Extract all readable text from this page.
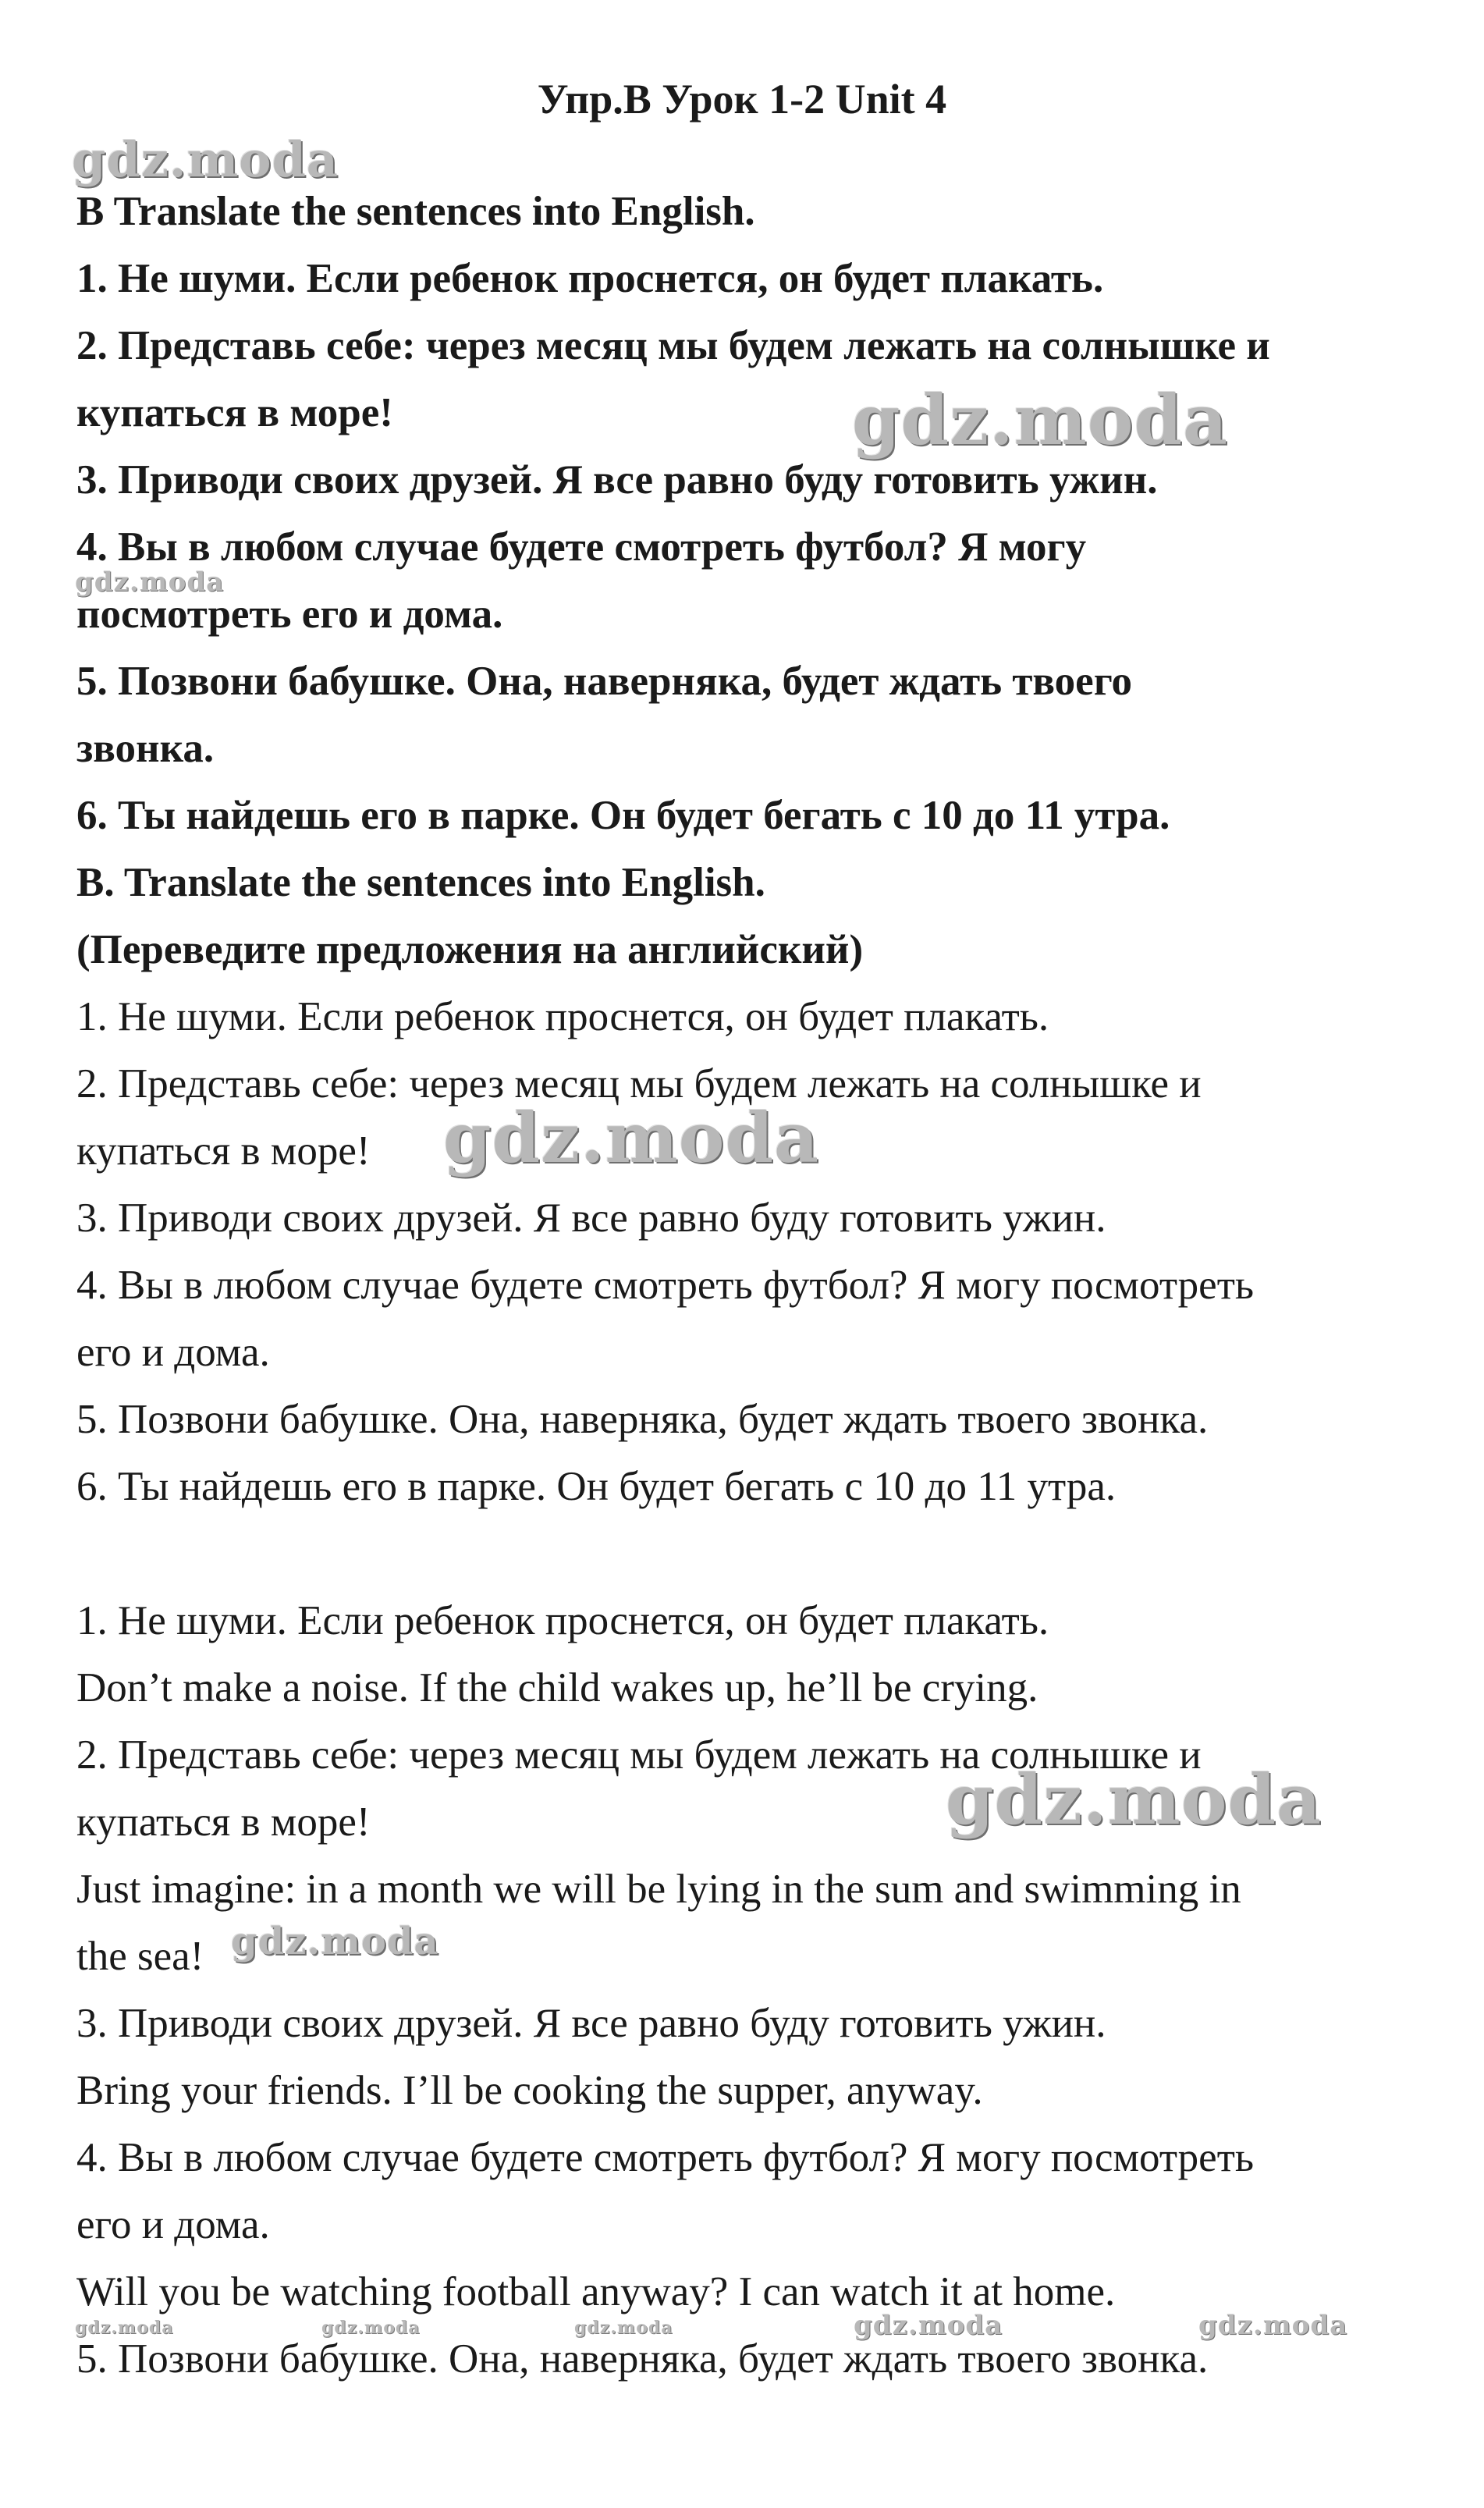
Упр.B Урок 1-2 Unit 4

B Translate the sentences into English.

1. Не шуми. Если ребенок проснется, он будет плакать.

2. Представь себе: через месяц мы будем лежать на солнышке и

купаться в море!

3. Приводи своих друзей. Я все равно буду готовить ужин.

4. Вы в любом случае будете смотреть футбол? Я могу

посмотреть его и дома.

5. Позвони бабушке. Она, наверняка, будет ждать твоего

звонка.

6. Ты найдешь его в парке. Он будет бегать с 10 до 11 утра.

B. Translate the sentences into English.

(Переведите предложения на английский)

1. Не шуми. Если ребенок проснется, он будет плакать.

2. Представь себе: через месяц мы будем лежать на солнышке и

купаться в море!

3. Приводи своих друзей. Я все равно буду готовить ужин.

4. Вы в любом случае будете смотреть футбол? Я могу посмотреть

его и дома.

5. Позвони бабушке. Она, наверняка, будет ждать твоего звонка.

6. Ты найдешь его в парке. Он будет бегать с 10 до 11 утра.

1. Не шуми. Если ребенок проснется, он будет плакать.

Don’t make a noise. If the child wakes up, he’ll be crying.

2. Представь себе: через месяц мы будем лежать на солнышке и

купаться в море!

Just imagine: in a month we will be lying in the sum and swimming in

the sea!

3. Приводи своих друзей. Я все равно буду готовить ужин.

Bring your friends. I’ll be cooking the supper, anyway.

4. Вы в любом случае будете смотреть футбол? Я могу посмотреть

его и дома.

Will you be watching football anyway? I can watch it at home.

5. Позвони бабушке. Она, наверняка, будет ждать твоего звонка.

gdz.moda
gdz.moda
gdz.moda
gdz.moda
gdz.moda
gdz.moda
gdz.moda	gdz.moda	gdz.moda	gdz.moda	gdz.moda
